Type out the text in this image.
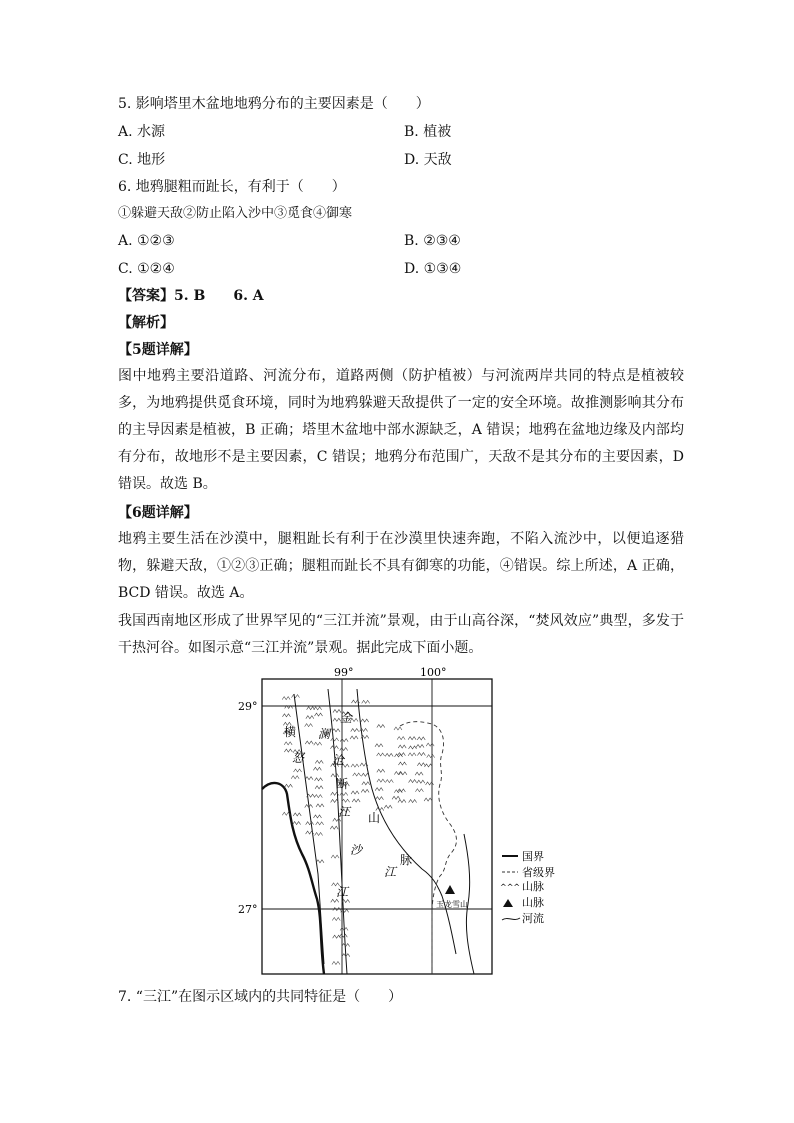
5. 影响塔里木盆地地鸦分布的主要因素是（　　）
A. 水源	B. 植被
C. 地形	D. 天敌
6. 地鸦腿粗而趾长，有利于（　　）
①躲避天敌②防止陷入沙中③觅食④御寒
A. ①②③	B. ②③④
C. ①②④	D. ①③④
【答案】5. B　　6. A
【解析】
【5题详解】
图中地鸦主要沿道路、河流分布，道路两侧（防护植被）与河流两岸共同的特点是植被较多，为地鸦提供觅食环境，同时为地鸦躲避天敌提供了一定的安全环境。故推测影响其分布的主导因素是植被，B 正确；塔里木盆地中部水源缺乏，A 错误；地鸦在盆地边缘及内部均有分布，故地形不是主要因素，C 错误；地鸦分布范围广，天敌不是其分布的主要因素，D 错误。故选 B。
【6题详解】
地鸦主要生活在沙漠中，腿粗趾长有利于在沙漠里快速奔跑，不陷入流沙中，以便追逐猎物，躲避天敌，①②③正确；腿粗而趾长不具有御寒的功能，④错误。综上所述，A 正确，BCD 错误。故选 A。
我国西南地区形成了世界罕见的“三江并流”景观，由于山高谷深，“焚风效应”典型，多发于干热河谷。如图示意“三江并流”景观。据此完成下面小题。
99°	100°
29°
27°
横
怒
澜
沧
断
江
金
山
沙
脉
江
江
玉龙雪山
国界
省级界
^^^ 山脉
山脉
河流
7. “三江”在图示区域内的共同特征是（　　）
